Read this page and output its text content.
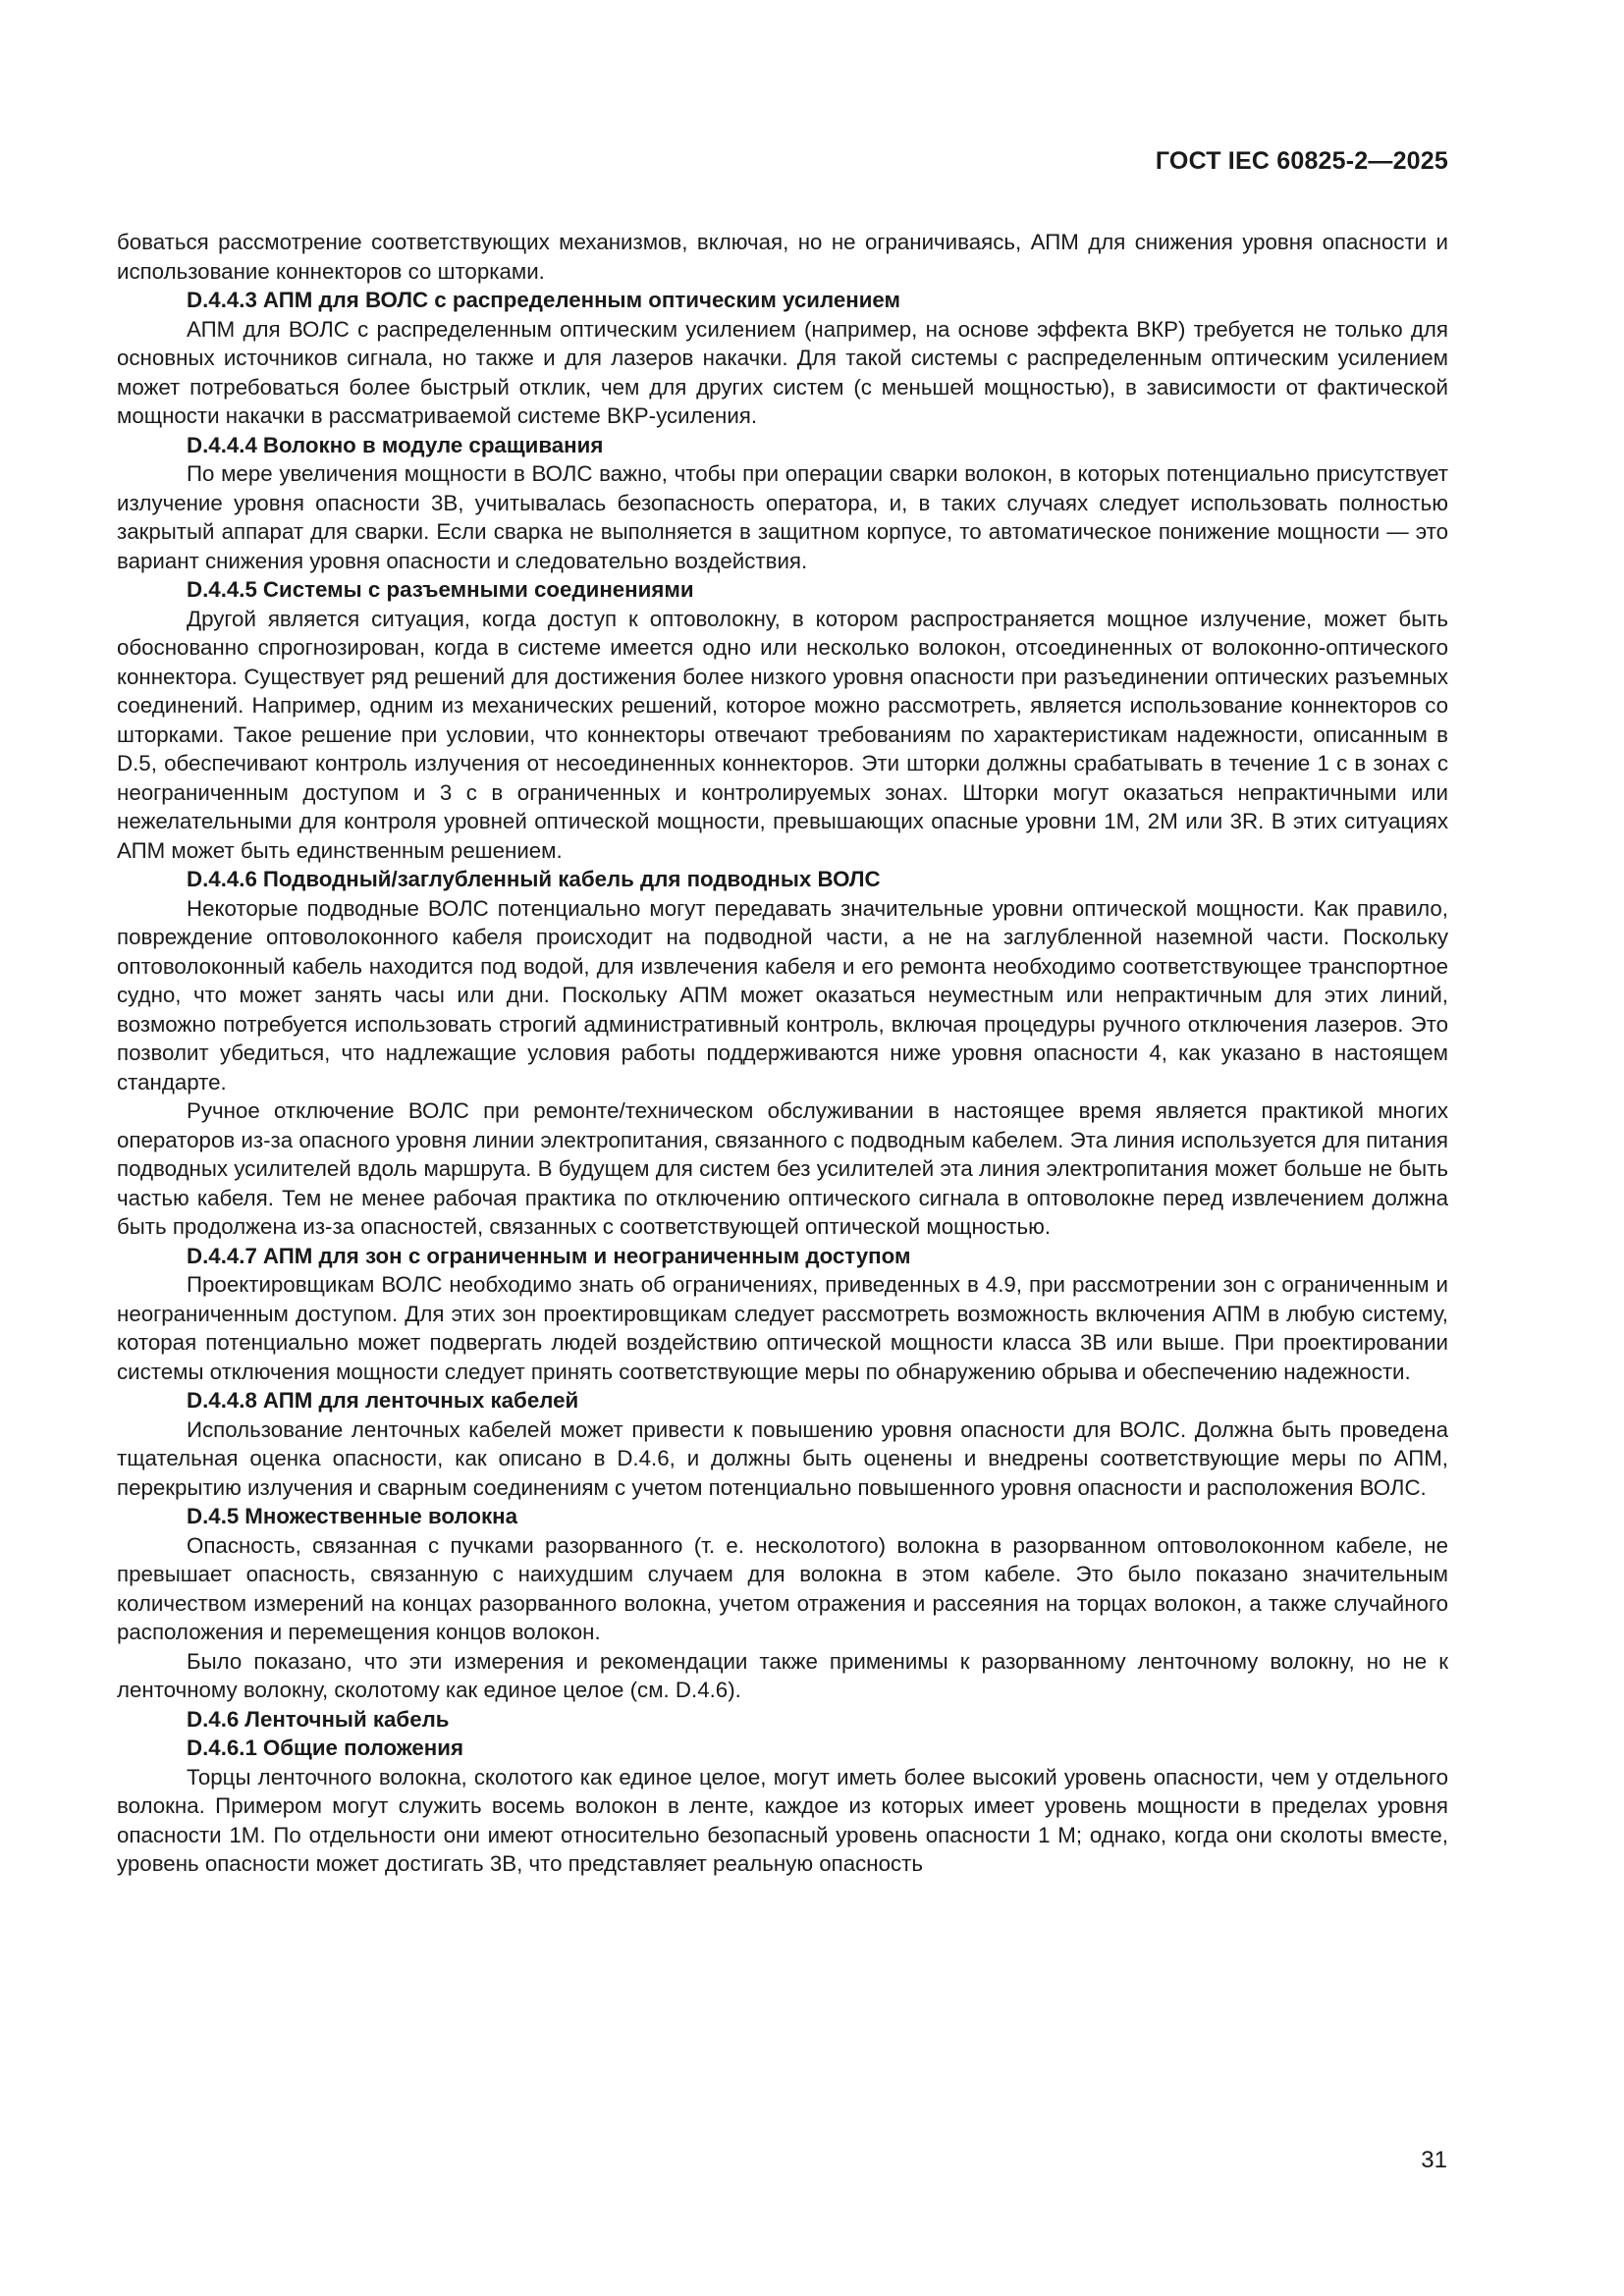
ГОСТ IEC 60825-2—2025

боваться рассмотрение соответствующих механизмов, включая, но не ограничиваясь, АПМ для снижения уровня опасности и использование коннекторов со шторками.

D.4.4.3 АПМ для ВОЛС с распределенным оптическим усилением

АПМ для ВОЛС с распределенным оптическим усилением (например, на основе эффекта ВКР) требуется не только для основных источников сигнала, но также и для лазеров накачки. Для такой системы с распределенным оптическим усилением может потребоваться более быстрый отклик, чем для других систем (с меньшей мощностью), в зависимости от фактической мощности накачки в рассматриваемой системе ВКР-усиления.

D.4.4.4 Волокно в модуле сращивания

По мере увеличения мощности в ВОЛС важно, чтобы при операции сварки волокон, в которых потенциально присутствует излучение уровня опасности 3В, учитывалась безопасность оператора, и, в таких случаях следует использовать полностью закрытый аппарат для сварки. Если сварка не выполняется в защитном корпусе, то автоматическое понижение мощности — это вариант снижения уровня опасности и следовательно воздействия.

D.4.4.5 Системы с разъемными соединениями

Другой является ситуация, когда доступ к оптоволокну, в котором распространяется мощное излучение, может быть обоснованно спрогнозирован, когда в системе имеется одно или несколько волокон, отсоединенных от волоконно-оптического коннектора. Существует ряд решений для достижения более низкого уровня опасности при разъединении оптических разъемных соединений. Например, одним из механических решений, которое можно рассмотреть, является использование коннекторов со шторками. Такое решение при условии, что коннекторы отвечают требованиям по характеристикам надежности, описанным в D.5, обеспечивают контроль излучения от несоединенных коннекторов. Эти шторки должны срабатывать в течение 1 с в зонах с неограниченным доступом и 3 с в ограниченных и контролируемых зонах. Шторки могут оказаться непрактичными или нежелательными для контроля уровней оптической мощности, превышающих опасные уровни 1М, 2М или 3R. В этих ситуациях АПМ может быть единственным решением.

D.4.4.6 Подводный/заглубленный кабель для подводных ВОЛС

Некоторые подводные ВОЛС потенциально могут передавать значительные уровни оптической мощности. Как правило, повреждение оптоволоконного кабеля происходит на подводной части, а не на заглубленной наземной части. Поскольку оптоволоконный кабель находится под водой, для извлечения кабеля и его ремонта необходимо соответствующее транспортное судно, что может занять часы или дни. Поскольку АПМ может оказаться неуместным или непрактичным для этих линий, возможно потребуется использовать строгий административный контроль, включая процедуры ручного отключения лазеров. Это позволит убедиться, что надлежащие условия работы поддерживаются ниже уровня опасности 4, как указано в настоящем стандарте.

Ручное отключение ВОЛС при ремонте/техническом обслуживании в настоящее время является практикой многих операторов из-за опасного уровня линии электропитания, связанного с подводным кабелем. Эта линия используется для питания подводных усилителей вдоль маршрута. В будущем для систем без усилителей эта линия электропитания может больше не быть частью кабеля. Тем не менее рабочая практика по отключению оптического сигнала в оптоволокне перед извлечением должна быть продолжена из-за опасностей, связанных с соответствующей оптической мощностью.

D.4.4.7 АПМ для зон с ограниченным и неограниченным доступом

Проектировщикам ВОЛС необходимо знать об ограничениях, приведенных в 4.9, при рассмотрении зон с ограниченным и неограниченным доступом. Для этих зон проектировщикам следует рассмотреть возможность включения АПМ в любую систему, которая потенциально может подвергать людей воздействию оптической мощности класса 3В или выше. При проектировании системы отключения мощности следует принять соответствующие меры по обнаружению обрыва и обеспечению надежности.

D.4.4.8 АПМ для ленточных кабелей

Использование ленточных кабелей может привести к повышению уровня опасности для ВОЛС. Должна быть проведена тщательная оценка опасности, как описано в D.4.6, и должны быть оценены и внедрены соответствующие меры по АПМ, перекрытию излучения и сварным соединениям с учетом потенциально повышенного уровня опасности и расположения ВОЛС.

D.4.5 Множественные волокна

Опасность, связанная с пучками разорванного (т. е. несколотого) волокна в разорванном оптоволоконном кабеле, не превышает опасность, связанную с наихудшим случаем для волокна в этом кабеле. Это было показано значительным количеством измерений на концах разорванного волокна, учетом отражения и рассеяния на торцах волокон, а также случайного расположения и перемещения концов волокон.

Было показано, что эти измерения и рекомендации также применимы к разорванному ленточному волокну, но не к ленточному волокну, сколотому как единое целое (см. D.4.6).

D.4.6 Ленточный кабель

D.4.6.1 Общие положения

Торцы ленточного волокна, сколотого как единое целое, могут иметь более высокий уровень опасности, чем у отдельного волокна. Примером могут служить восемь волокон в ленте, каждое из которых имеет уровень мощности в пределах уровня опасности 1М. По отдельности они имеют относительно безопасный уровень опасности 1 М; однако, когда они сколоты вместе, уровень опасности может достигать 3В, что представляет реальную опасность

31
